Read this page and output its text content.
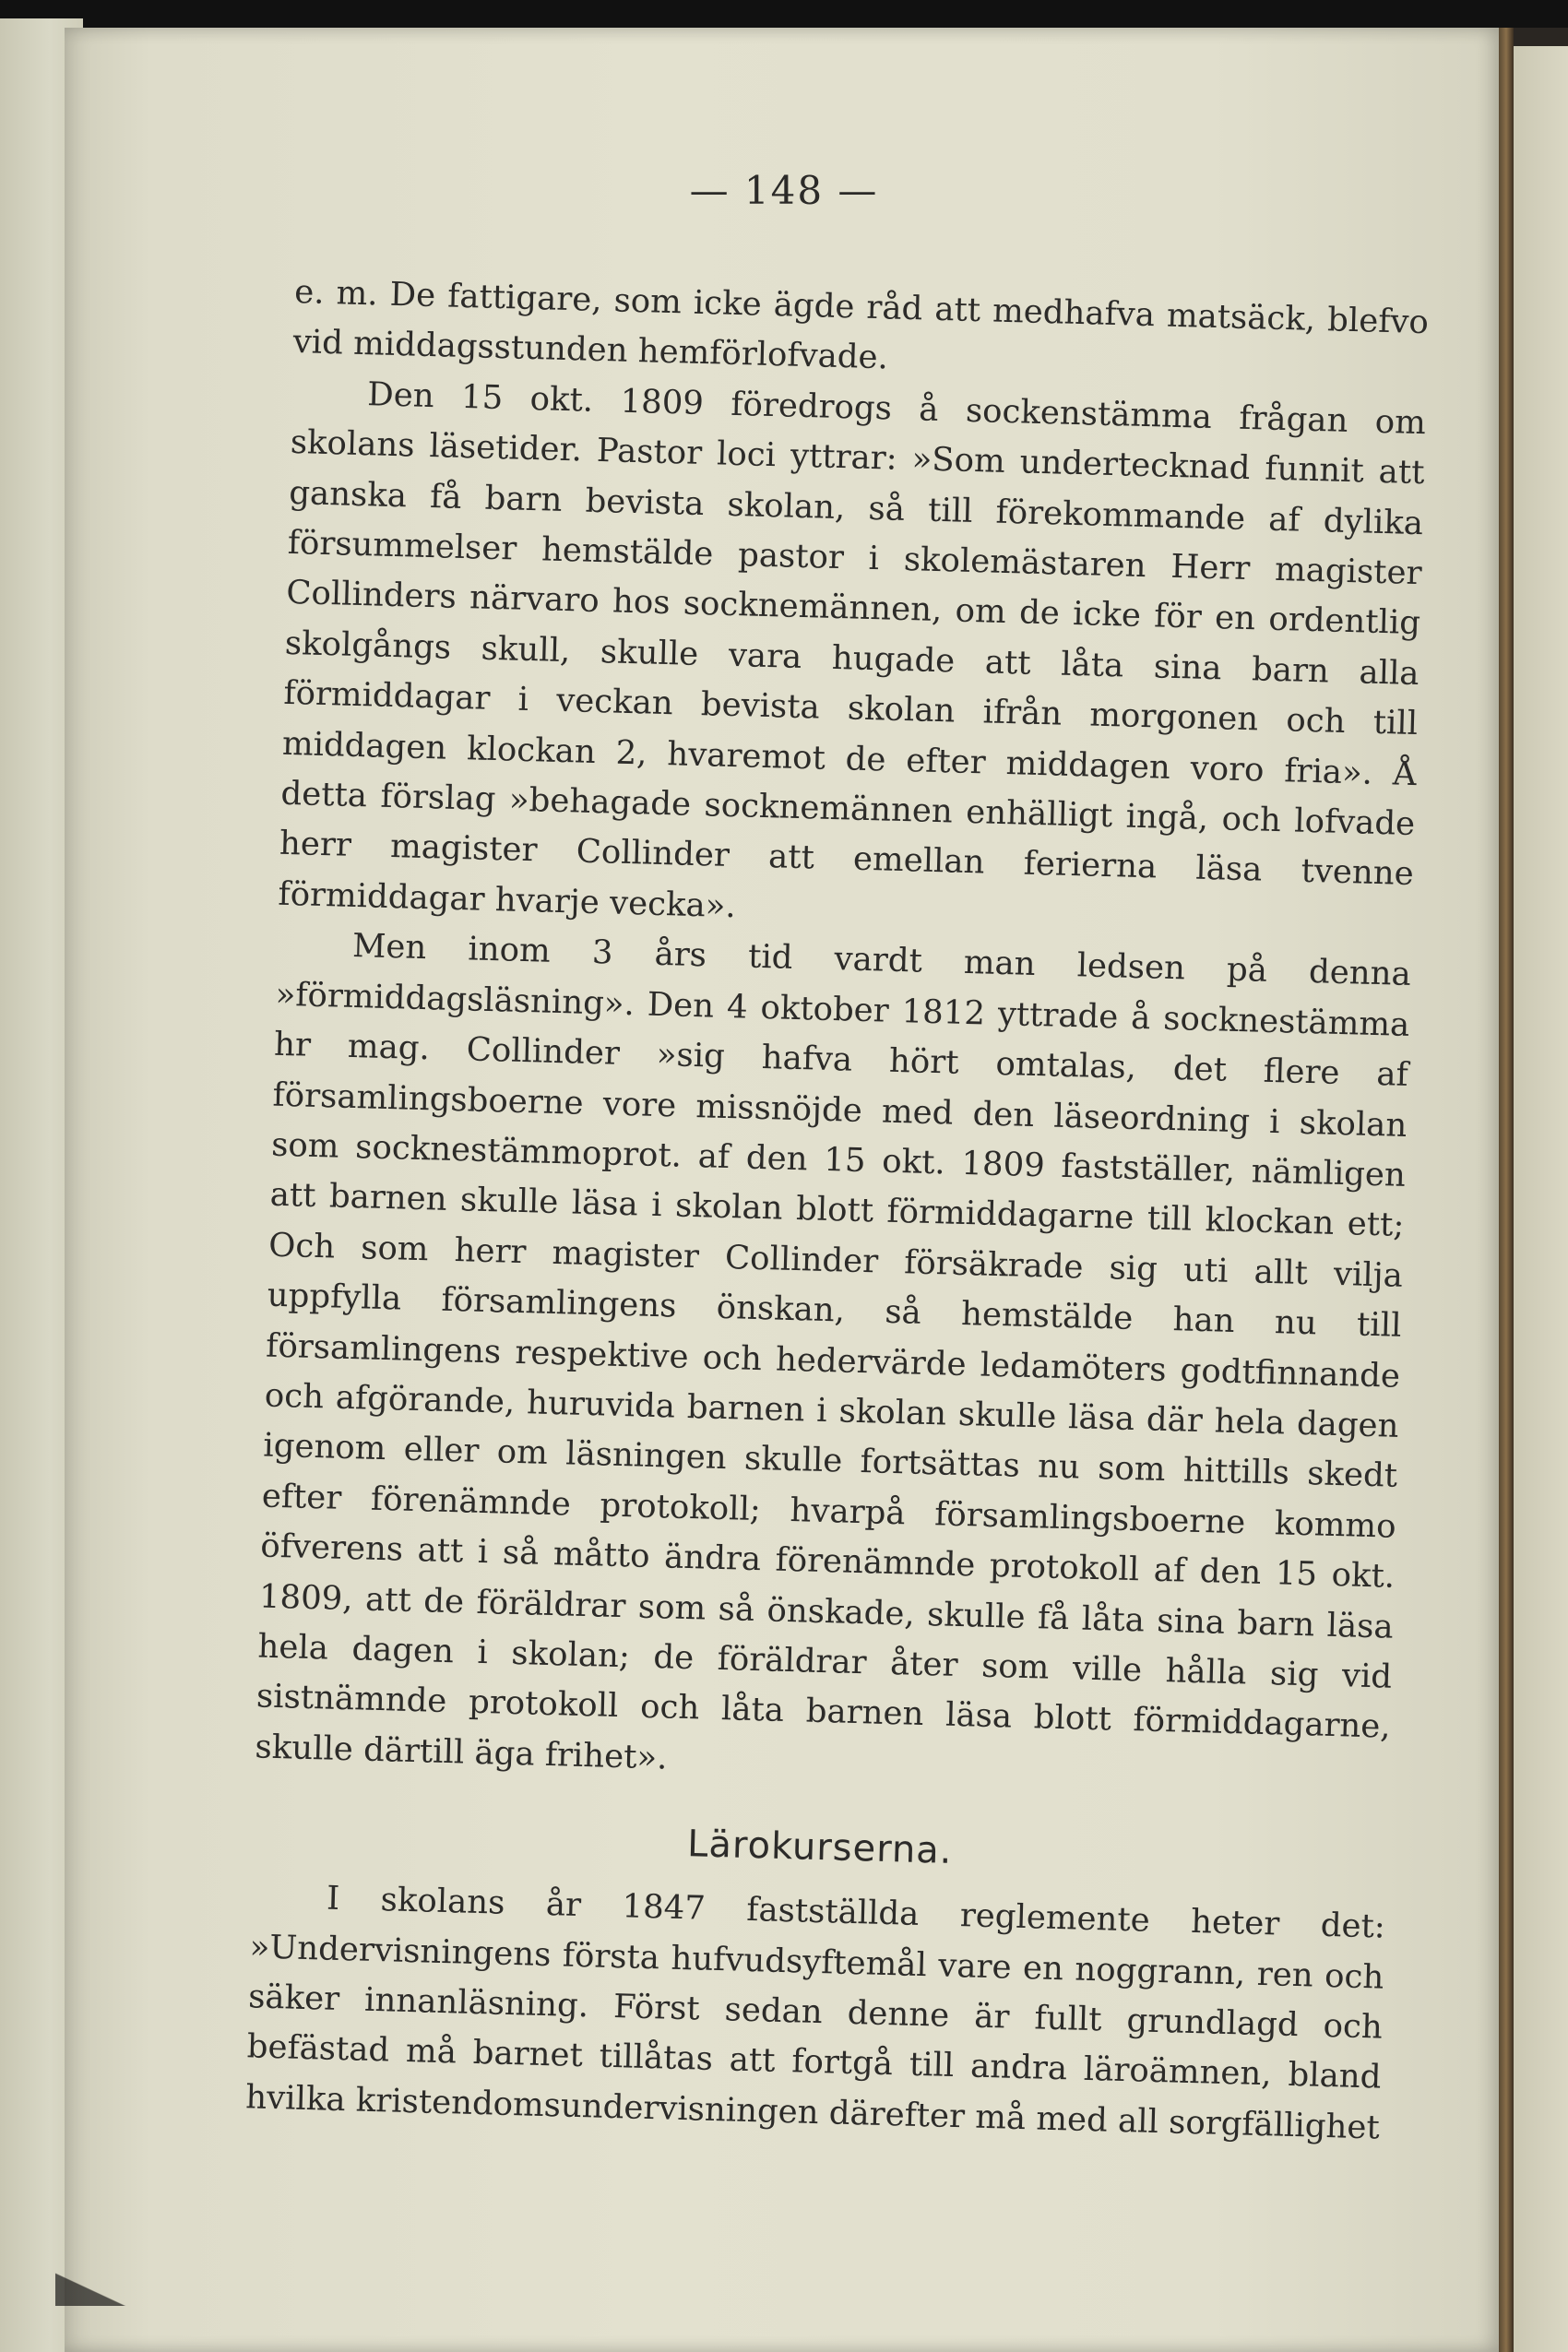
— 148 —

e. m. De fattigare, som icke ägde råd att medhafva matsäck, blefvo vid middagsstunden hemförlofvade.

Den 15 okt. 1809 föredrogs å sockenstämma frågan om skolans läsetider. Pastor loci yttrar: »Som undertecknad funnit att ganska få barn bevista skolan, så till förekommande af dylika försummelser hemstälde pastor i skolemästaren Herr magister Collinders närvaro hos socknemännen, om de icke för en ordentlig skolgångs skull, skulle vara hugade att låta sina barn alla förmiddagar i veckan bevista skolan ifrån morgonen och till middagen klockan 2, hvaremot de efter middagen voro fria». Å detta förslag »behagade socknemännen enhälligt ingå, och lofvade herr magister Collinder att emellan ferierna läsa tvenne förmiddagar hvarje vecka».

Men inom 3 års tid vardt man ledsen på denna »förmiddagsläsning». Den 4 oktober 1812 yttrade å socknestämma hr mag. Collinder »sig hafva hört omtalas, det flere af församlingsboerne vore missnöjde med den läseordning i skolan som socknestämmoprot. af den 15 okt. 1809 fastställer, nämligen att barnen skulle läsa i skolan blott förmiddagarne till klockan ett; Och som herr magister Collinder försäkrade sig uti allt vilja uppfylla församlingens önskan, så hemstälde han nu till församlingens respektive och hedervärde ledamöters godtfinnande och afgörande, huruvida barnen i skolan skulle läsa där hela dagen igenom eller om läsningen skulle fortsättas nu som hittills skedt efter förenämnde protokoll; hvarpå församlingsboerne kommo öfverens att i så måtto ändra förenämnde protokoll af den 15 okt. 1809, att de föräldrar som så önskade, skulle få låta sina barn läsa hela dagen i skolan; de föräldrar åter som ville hålla sig vid sistnämnde protokoll och låta barnen läsa blott förmiddagarne, skulle därtill äga frihet».

Lärokurserna.

I skolans år 1847 fastställda reglemente heter det: »Undervisningens första hufvudsyftemål vare en noggrann, ren och säker innanläsning. Först sedan denne är fullt grundlagd och befästad må barnet tillåtas att fortgå till andra läroämnen, bland hvilka kristendomsundervisningen därefter må med all sorgfällighet
